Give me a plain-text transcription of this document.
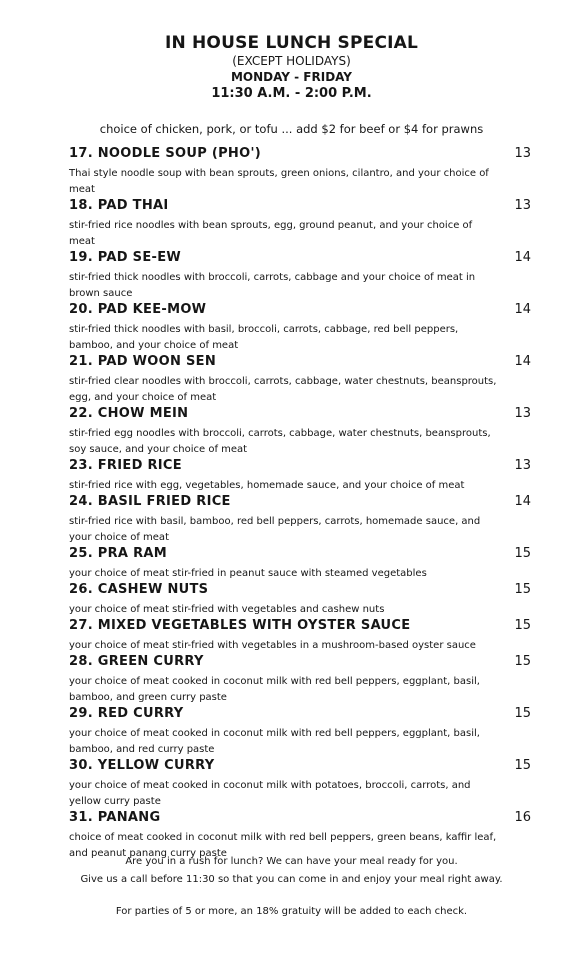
IN HOUSE LUNCH SPECIAL
(EXCEPT HOLIDAYS)
MONDAY - FRIDAY
11:30 A.M. - 2:00 P.M.
choice of chicken, pork, or tofu ... add $2 for beef or $4 for prawns
17. NOODLE SOUP (PHO')	13
Thai style noodle soup with bean sprouts, green onions, cilantro, and your choice of meat
18. PAD THAI	13
stir-fried rice noodles with bean sprouts, egg, ground peanut, and your choice of meat
19. PAD SE-EW	14
stir-fried thick noodles with broccoli, carrots, cabbage and your choice of meat in brown sauce
20. PAD KEE-MOW	14
stir-fried thick noodles with basil, broccoli, carrots, cabbage, red bell peppers, bamboo, and your choice of meat
21. PAD WOON SEN	14
stir-fried clear noodles with broccoli, carrots, cabbage, water chestnuts, beansprouts, egg, and your choice of meat
22. CHOW MEIN	13
stir-fried egg noodles with broccoli, carrots, cabbage, water chestnuts, beansprouts, soy sauce, and your choice of meat
23. FRIED RICE	13
stir-fried rice with egg, vegetables, homemade sauce, and your choice of meat
24. BASIL FRIED RICE	14
stir-fried rice with basil, bamboo, red bell peppers, carrots, homemade sauce, and your choice of meat
25. PRA RAM	15
your choice of meat stir-fried in peanut sauce with steamed vegetables
26. CASHEW NUTS	15
your choice of meat stir-fried with vegetables and cashew nuts
27. MIXED VEGETABLES WITH OYSTER SAUCE	15
your choice of meat stir-fried with vegetables in a mushroom-based oyster sauce
28. GREEN CURRY	15
your choice of meat cooked in coconut milk with red bell peppers, eggplant, basil, bamboo, and green curry paste
29. RED CURRY	15
your choice of meat cooked in coconut milk with red bell peppers, eggplant, basil, bamboo, and red curry paste
30. YELLOW CURRY	15
your choice of meat cooked in coconut milk with potatoes, broccoli, carrots, and yellow curry paste
31. PANANG	16
choice of meat cooked in coconut milk with red bell peppers, green beans, kaffir leaf, and peanut panang curry paste
Are you in a rush for lunch? We can have your meal ready for you.
Give us a call before 11:30 so that you can come in and enjoy your meal right away.
For parties of 5 or more, an 18% gratuity will be added to each check.
